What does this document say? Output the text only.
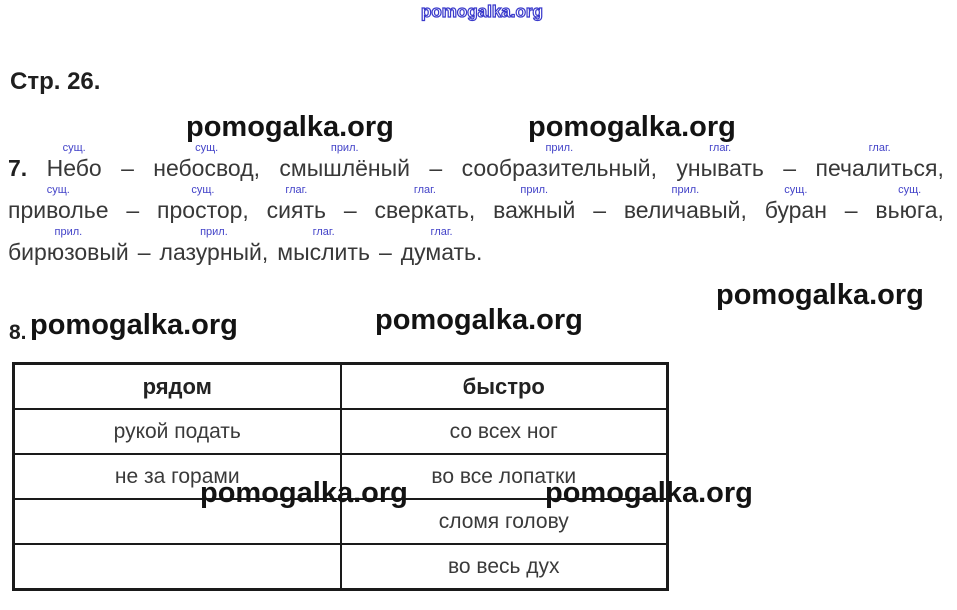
Стр. 26.

7.
сущ.
Небо
–
сущ.
небосвод,
прил.
смышлёный
–
прил.
сообразительный,
глаг.
унывать
–
глаг.
печалиться,
сущ.
приволье
–
сущ.
простор,
глаг.
сиять
–
глаг.
сверкать,
прил.
важный
–
прил.
величавый,
сущ.
буран
–
сущ.
вьюга,
прил.
бирюзовый
–
прил.
лазурный,
глаг.
мыслить
–
глаг.
думать.
8.
рядом	быстро
рукой подать	со всех ног
не за горами	во все лопатки
	сломя голову
	во весь дух
pomogalka.org
pomogalka.org	pomogalka.org
pomogalka.org
pomogalka.org	pomogalka.org
pomogalka.org	pomogalka.org
